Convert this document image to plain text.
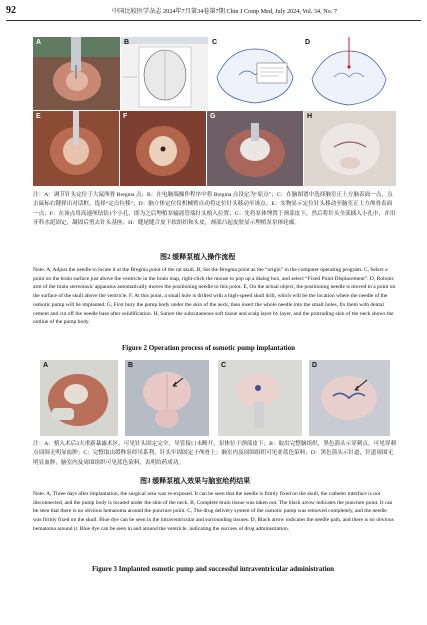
92	中国比较医学杂志 2024年7月第34卷第7期 Chin J Comp Med, July 2024, Vol. 34, No. 7
A	B	C	D
E	F	G	H
注：A：调节针头定位于大鼠颅骨 Bregma 点；B：在电脑端操作程序中将 Bregma 点设定为“原点”；C：在脑图谱中选择脑室正上方脑表面一点，点击鼠标右键弹出对话框，选择“定点位移”；D：脑立体定位仪机械臂自动将定位针头移动至该点；E：实物显示定位针头移动至脑室正上方颅骨表面一点；F：在该点用高速颅钻钻1个小孔，即为之后埋植泵输液管端针头植入位置；G：先将泵体埋置于颈部皮下，然后将针头全部插入小孔中，并用牙科水泥固定，凝固后剪去针头基座；H：缝尾缝合皮下软组织和头皮，颈部凸起皮肤显示埋植泵泵体轮廓。
图2 缓释泵植入操作流程
Note. A, Adjust the needle to locate it at the Bregma point of the rat skull. B, Set the Bregma point as the “origin” in the computer operating program. C, Select a point on the brain surface just above the ventricle in the brain map, right-click the mouse to pop up a dialog box, and select “Fixed Point Displacement”. D, Robotic arm of the brain stereotaxic apparatus automatically moves the positioning needle to this point. E, On the actual object, the positioning needle is moved to a point on the surface of the skull above the ventricle. F, At this point, a small hole is drilled with a high-speed skull drill, which will be the location where the needle of the osmotic pump will be implanted. G, First bury the pump body under the skin of the neck, then insert the whole needle into the small holes, fix them with dental cement and cut off the needle base after solidification. H, Suture the subcutaneous soft tissue and scalp layer by layer, and the protruding skin of the neck shows the outline of the pump body.
Figure 2 Operation process of osmotic pump implantation
A	B	C	D
注：A：植入术后3天重新暴露术区，可见针头固定完全，导管接口未断开，泵体位于颈部皮下；B：取出完整脑组织，黑色箭头示穿刺点，可见穿刺点周围无明显血肿；C：完整取出缓释泵经吊系利，针头牢固固定于颅骨上；脑室内及周围组织可见亚蓝色染料；D：黑色箭头示针道，针道周围无明显血肿，脑室内及周围组织可见蓝色染料，表明给药成功。
图3 缓释泵植入效果与脑室给药结果
Note. A, Three days after implantation, the surgical area was re-exposed. It can be seen that the needle is firmly fixed on the skull, the catheter interface is not disconnected, and the pump body is located under the skin of the neck. B, Complete brain tissue was taken out. The black arrow indicates the puncture point. It can be seen that there is no obvious hematoma around the puncture point. C, The drug delivery system of the osmotic pump was removed completely, and the needle was firmly fixed on the skull. Blue dye can be seen in the intraventricular and surrounding tissues. D, Black arrow indicates the needle path, and there is no obvious hematoma around it. Blue dye can be seen in and around the ventricle, indicating the success of drug administration.
Figure 3 Implanted osmotic pump and successful intraventricular administration
